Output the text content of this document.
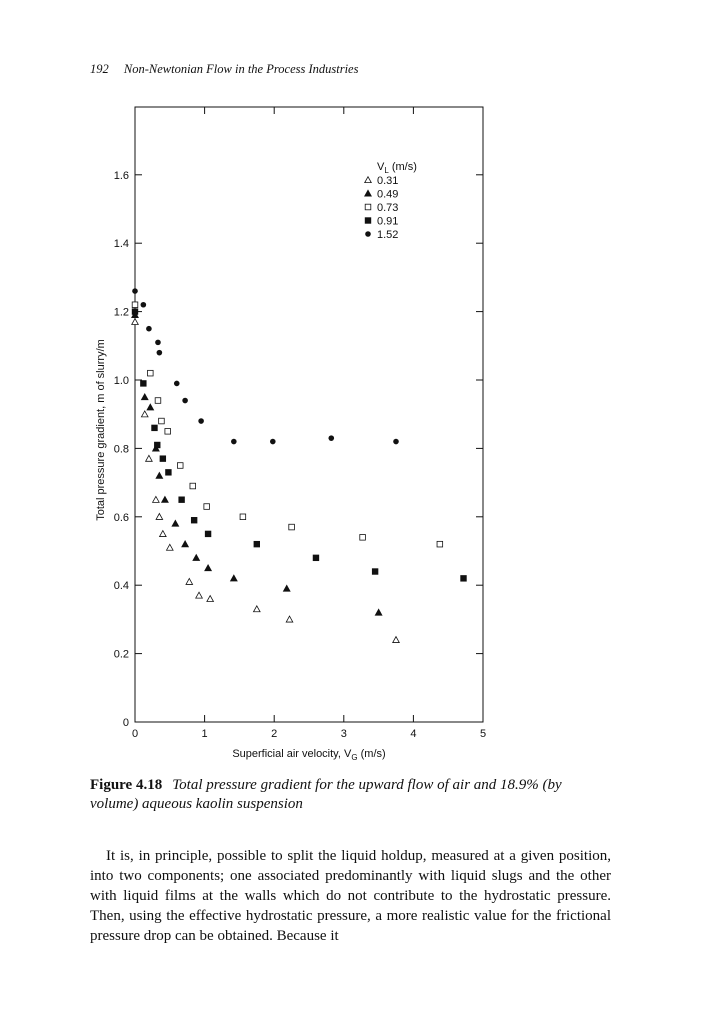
192 Non-Newtonian Flow in the Process Industries
0
0.2
0.4
0.6
0.8
1.0
1.2
1.4
1.6
0	1	2	3	4	5
Superficial air velocity, $V_G$ (m/s)
Total pressure gradient, m of slurry/m
$V_L$ (m/s)
0.31
0.49
0.73
0.91
1.52
Figure 4.18 Total pressure gradient for the upward flow of air and 18.9% (by volume) aqueous kaolin suspension

It is, in principle, possible to split the liquid holdup, measured at a given position, into two components; one associated predominantly with liquid slugs and the other with liquid films at the walls which do not contribute to the hydrostatic pressure. Then, using the effective hydrostatic pressure, a more realistic value for the frictional pressure drop can be obtained. Because it
